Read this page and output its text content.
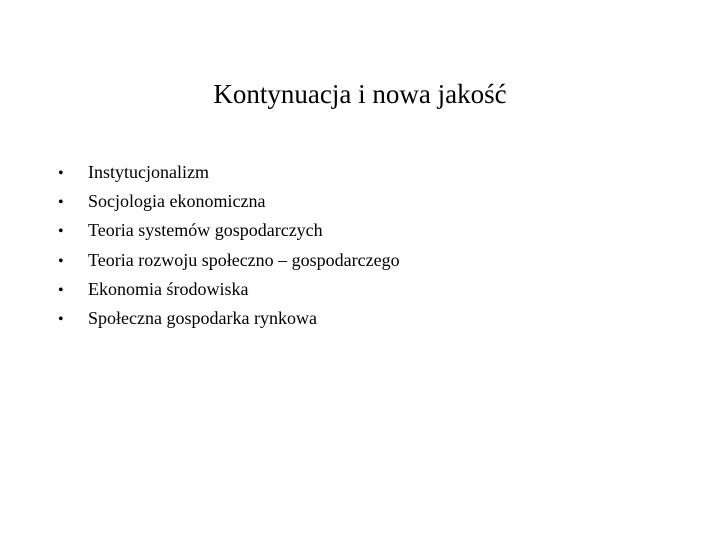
Kontynuacja i nowa jakość
•	Instytucjonalizm
•	Socjologia ekonomiczna
•	Teoria systemów gospodarczych
•	Teoria rozwoju społeczno – gospodarczego
•	Ekonomia środowiska
•	Społeczna gospodarka rynkowa
